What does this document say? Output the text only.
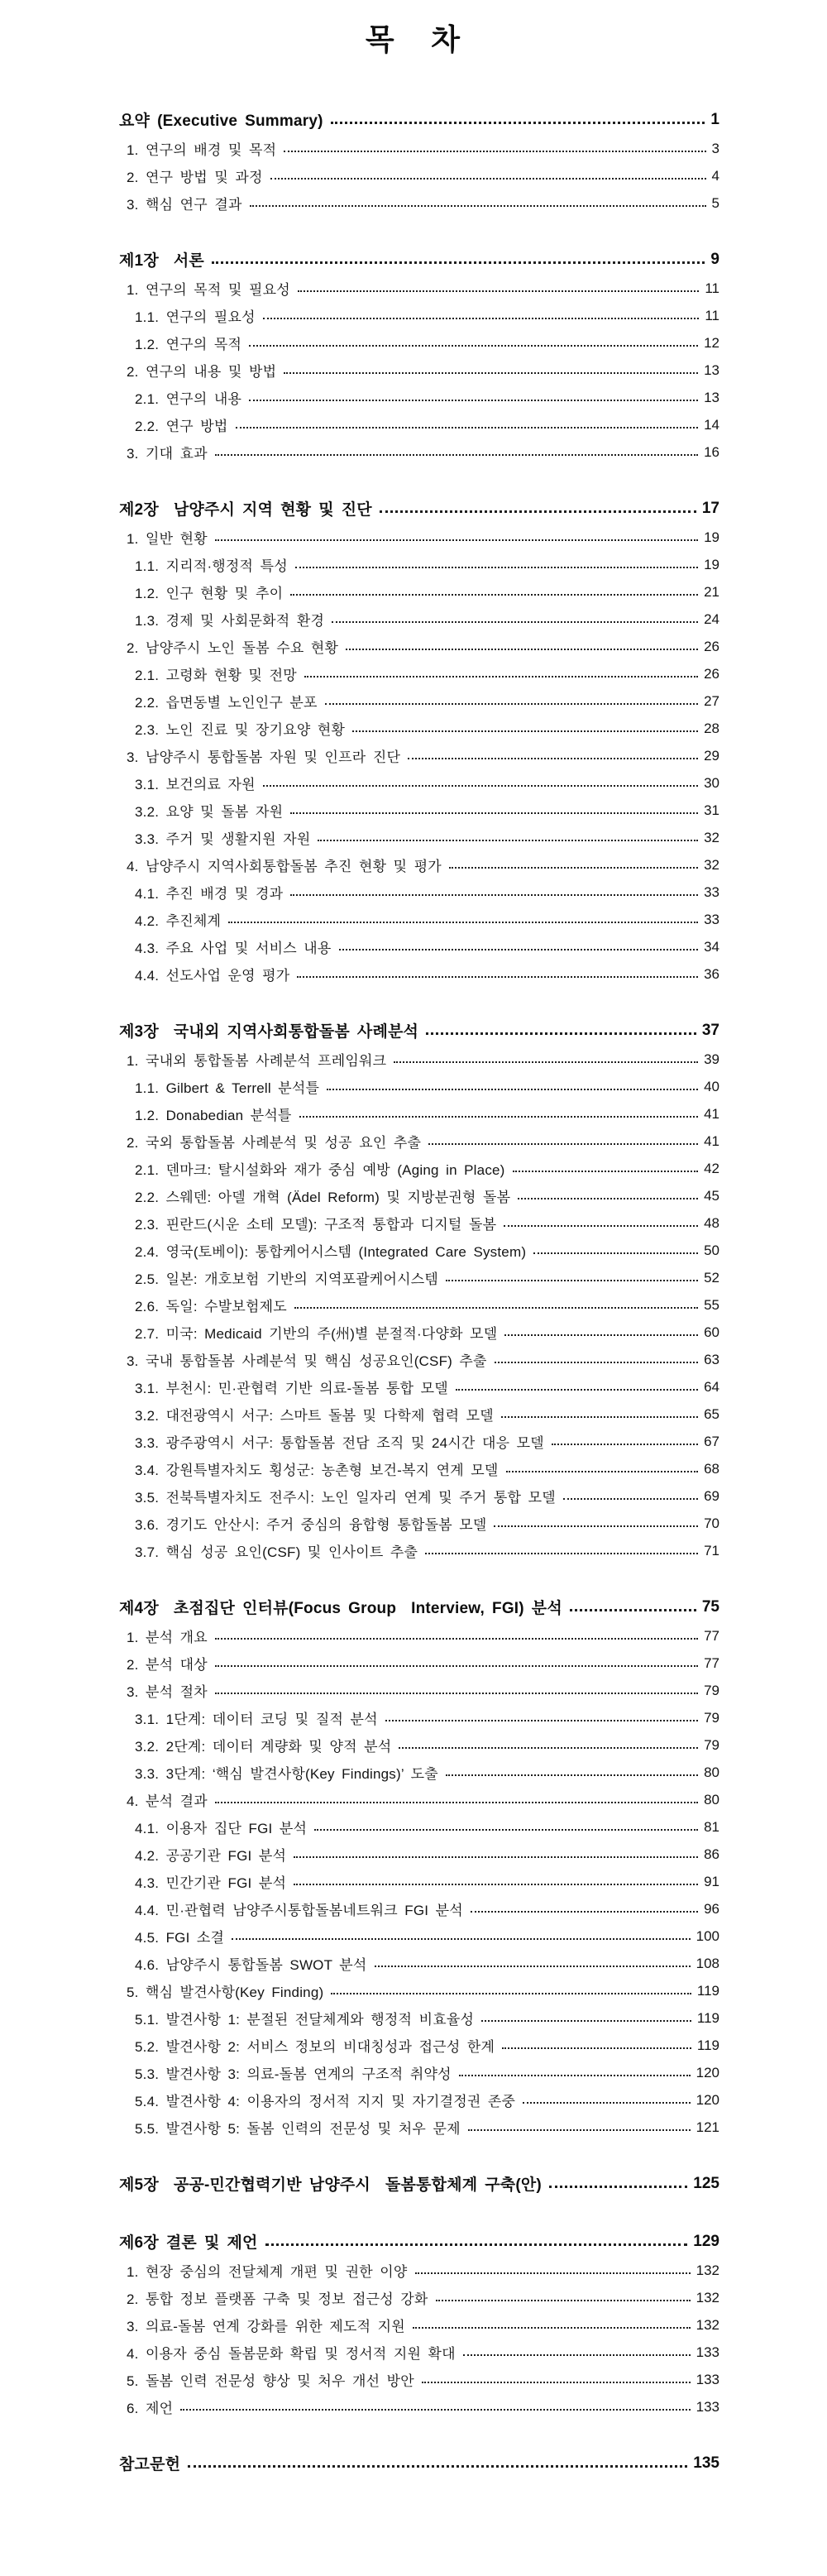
목 차
요약 (Executive Summary)	1
1. 연구의 배경 및 목적	3
2. 연구 방법 및 과정	4
3. 핵심 연구 결과	5
제1장  서론	9
1. 연구의 목적 및 필요성	11
1.1. 연구의 필요성	11
1.2. 연구의 목적	12
2. 연구의 내용 및 방법	13
2.1. 연구의 내용	13
2.2. 연구 방법	14
3. 기대 효과	16
제2장  남양주시 지역 현황 및 진단	17
1. 일반 현황	19
1.1. 지리적·행정적 특성	19
1.2. 인구 현황 및 추이	21
1.3. 경제 및 사회문화적 환경	24
2. 남양주시 노인 돌봄 수요 현황	26
2.1. 고령화 현황 및 전망	26
2.2. 읍면동별 노인인구 분포	27
2.3. 노인 진료 및 장기요양 현황	28
3. 남양주시 통합돌봄 자원 및 인프라 진단	29
3.1. 보건의료 자원	30
3.2. 요양 및 돌봄 자원	31
3.3. 주거 및 생활지원 자원	32
4. 남양주시 지역사회통합돌봄 추진 현황 및 평가	32
4.1. 추진 배경 및 경과	33
4.2. 추진체계	33
4.3. 주요 사업 및 서비스 내용	34
4.4. 선도사업 운영 평가	36
제3장  국내외 지역사회통합돌봄 사례분석	37
1. 국내외 통합돌봄 사례분석 프레임워크	39
1.1. Gilbert & Terrell 분석틀	40
1.2. Donabedian 분석틀	41
2. 국외 통합돌봄 사례분석 및 성공 요인 추출	41
2.1. 덴마크: 탈시설화와 재가 중심 예방 (Aging in Place)	42
2.2. 스웨덴: 아델 개혁 (Ädel Reform) 및 지방분권형 돌봄	45
2.3. 핀란드(시운 소테 모델): 구조적 통합과 디지털 돌봄	48
2.4. 영국(토베이): 통합케어시스템 (Integrated Care System)	50
2.5. 일본: 개호보험 기반의 지역포괄케어시스템	52
2.6. 독일: 수발보험제도	55
2.7. 미국: Medicaid 기반의 주(州)별 분절적·다양화 모델	60
3. 국내 통합돌봄 사례분석 및 핵심 성공요인(CSF) 추출	63
3.1. 부천시: 민·관협력 기반 의료-돌봄 통합 모델	64
3.2. 대전광역시 서구: 스마트 돌봄 및 다학제 협력 모델	65
3.3. 광주광역시 서구: 통합돌봄 전담 조직 및 24시간 대응 모델	67
3.4. 강원특별자치도 횡성군: 농촌형 보건-복지 연계 모델	68
3.5. 전북특별자치도 전주시: 노인 일자리 연계 및 주거 통합 모델	69
3.6. 경기도 안산시: 주거 중심의 융합형 통합돌봄 모델	70
3.7. 핵심 성공 요인(CSF) 및 인사이트 추출	71
제4장  초점집단 인터뷰(Focus Group  Interview, FGI) 분석	75
1. 분석 개요	77
2. 분석 대상	77
3. 분석 절차	79
3.1. 1단계: 데이터 코딩 및 질적 분석	79
3.2. 2단계: 데이터 계량화 및 양적 분석	79
3.3. 3단계: ‘핵심 발견사항(Key Findings)’ 도출	80
4. 분석 결과	80
4.1. 이용자 집단 FGI 분석	81
4.2. 공공기관 FGI 분석	86
4.3. 민간기관 FGI 분석	91
4.4. 민·관협력 남양주시통합돌봄네트워크 FGI 분석	96
4.5. FGI 소결	100
4.6. 남양주시 통합돌봄 SWOT 분석	108
5. 핵심 발견사항(Key Finding)	119
5.1. 발견사항 1: 분절된 전달체계와 행정적 비효율성	119
5.2. 발견사항 2: 서비스 정보의 비대칭성과 접근성 한계	119
5.3. 발견사항 3: 의료-돌봄 연계의 구조적 취약성	120
5.4. 발견사항 4: 이용자의 정서적 지지 및 자기결정권 존중	120
5.5. 발견사항 5: 돌봄 인력의 전문성 및 처우 문제	121
제5장  공공-민간협력기반 남양주시  돌봄통합체계 구축(안)	125
제6장 결론 및 제언	129
1. 현장 중심의 전달체계 개편 및 권한 이양	132
2. 통합 정보 플랫폼 구축 및 정보 접근성 강화	132
3. 의료-돌봄 연계 강화를 위한 제도적 지원	132
4. 이용자 중심 돌봄문화 확립 및 정서적 지원 확대	133
5. 돌봄 인력 전문성 향상 및 처우 개선 방안	133
6. 제언	133
참고문헌	135
